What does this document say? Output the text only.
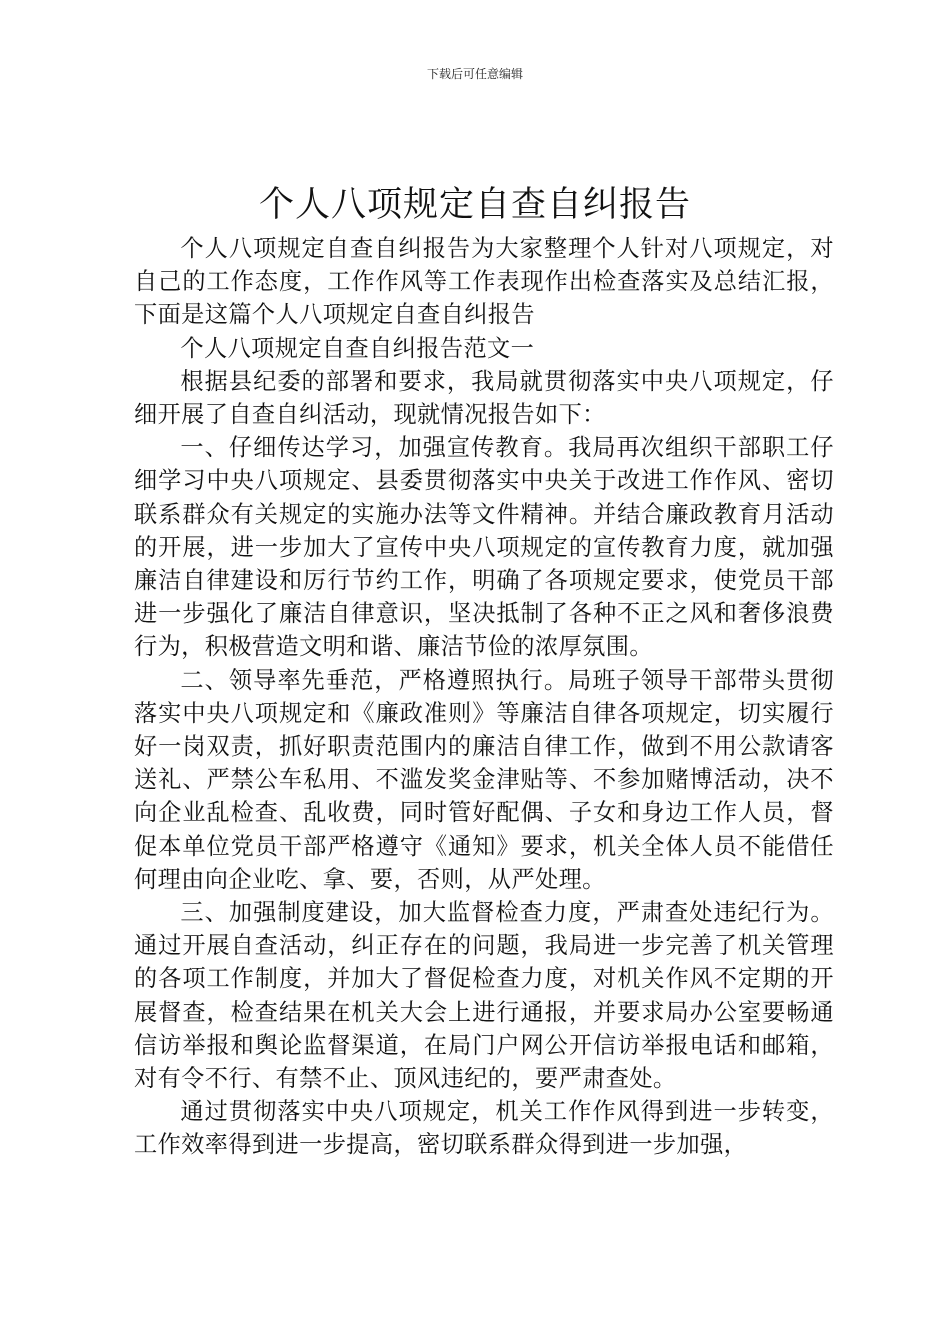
下载后可任意编辑
个人八项规定自查自纠报告

个人八项规定自查自纠报告为大家整理个人针对八项规定，对自己的工作态度，工作作风等工作表现作出检查落实及总结汇报，下面是这篇个人八项规定自查自纠报告

个人八项规定自查自纠报告范文一

根据县纪委的部署和要求，我局就贯彻落实中央八项规定，仔细开展了自查自纠活动，现就情况报告如下：

一、仔细传达学习，加强宣传教育。我局再次组织干部职工仔细学习中央八项规定、县委贯彻落实中央关于改进工作作风、密切联系群众有关规定的实施办法等文件精神。并结合廉政教育月活动的开展，进一步加大了宣传中央八项规定的宣传教育力度，就加强廉洁自律建设和厉行节约工作，明确了各项规定要求，使党员干部进一步强化了廉洁自律意识，坚决抵制了各种不正之风和奢侈浪费行为，积极营造文明和谐、廉洁节俭的浓厚氛围。

二、领导率先垂范，严格遵照执行。局班子领导干部带头贯彻落实中央八项规定和《廉政准则》等廉洁自律各项规定，切实履行好一岗双责，抓好职责范围内的廉洁自律工作，做到不用公款请客送礼、严禁公车私用、不滥发奖金津贴等、不参加赌博活动，决不向企业乱检查、乱收费，同时管好配偶、子女和身边工作人员，督促本单位党员干部严格遵守《通知》要求，机关全体人员不能借任何理由向企业吃、拿、要，否则，从严处理。

三、加强制度建设，加大监督检查力度，严肃查处违纪行为。通过开展自查活动，纠正存在的问题，我局进一步完善了机关管理的各项工作制度，并加大了督促检查力度，对机关作风不定期的开展督查，检查结果在机关大会上进行通报，并要求局办公室要畅通信访举报和舆论监督渠道，在局门户网公开信访举报电话和邮箱，对有令不行、有禁不止、顶风违纪的，要严肃查处。

通过贯彻落实中央八项规定，机关工作作风得到进一步转变，工作效率得到进一步提高，密切联系群众得到进一步加强，
